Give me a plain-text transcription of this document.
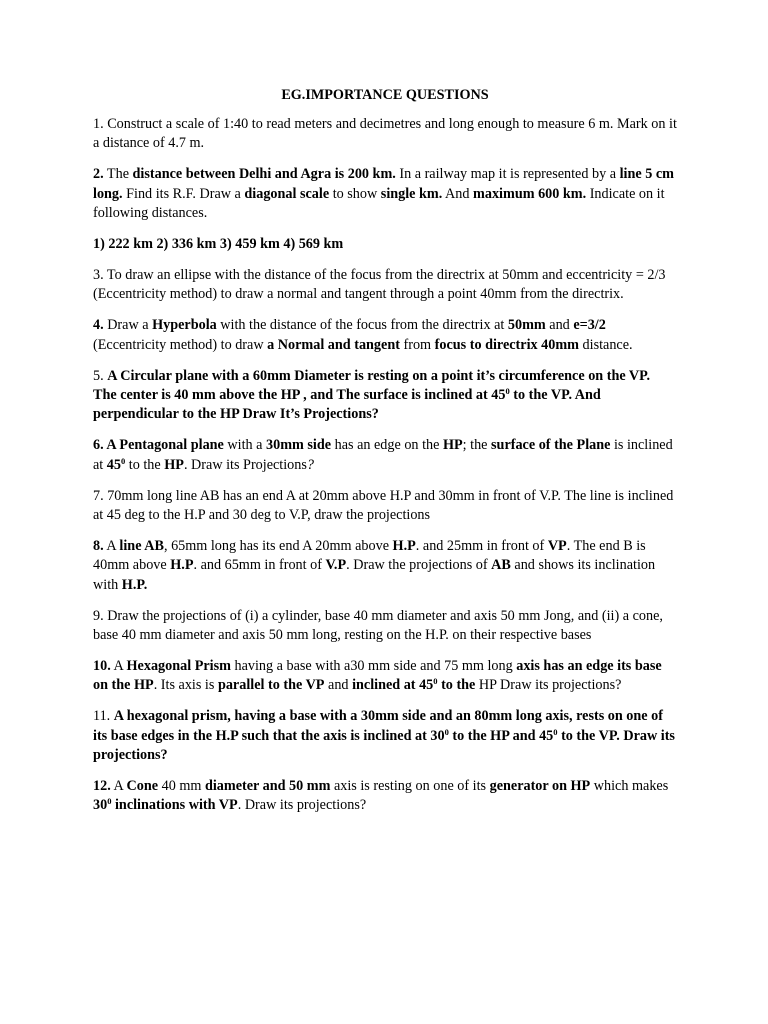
EG.IMPORTANCE QUESTIONS

1. Construct a scale of 1:40 to read meters and decimetres and long enough to measure 6 m. Mark on it a distance of 4.7 m.

2. The distance between Delhi and Agra is 200 km. In a railway map it is represented by a line 5 cm long. Find its R.F. Draw a diagonal scale to show single km. And maximum 600 km. Indicate on it following distances.

1) 222 km 2) 336 km 3) 459 km 4) 569 km

3. To draw an ellipse with the distance of the focus from the directrix at 50mm and eccentricity = 2/3 (Eccentricity method) to draw a normal and tangent through a point 40mm from the directrix.

4. Draw a Hyperbola with the distance of the focus from the directrix at 50mm and e=3/2 (Eccentricity method) to draw a Normal and tangent from focus to directrix 40mm distance.

5. A Circular plane with a 60mm Diameter is resting on a point it’s circumference on the VP. The center is 40 mm above the HP , and The surface is inclined at $45^0$ to the VP. And perpendicular to the HP Draw It’s Projections?

6. A Pentagonal plane with a 30mm side has an edge on the HP; the surface of the Plane is inclined at $45^0$ to the HP. Draw its Projections?

7. 70mm long line AB has an end A at 20mm above H.P and 30mm in front of V.P. The line is inclined at 45 deg to the H.P and 30 deg to V.P, draw the projections

8. A line AB, 65mm long has its end A 20mm above H.P. and 25mm in front of VP. The end B is 40mm above H.P. and 65mm in front of V.P. Draw the projections of AB and shows its inclination with H.P.

9. Draw the projections of (i) a cylinder, base 40 mm diameter and axis 50 mm Jong, and (ii) a cone, base 40 mm diameter and axis 50 mm long, resting on the H.P. on their respective bases

10. A Hexagonal Prism having a base with a30 mm side and 75 mm long axis has an edge its base on the HP. Its axis is parallel to the VP and inclined at $45^0$ to the HP Draw its projections?

11. A hexagonal prism, having a base with a 30mm side and an 80mm long axis, rests on one of its base edges in the H.P such that the axis is inclined at $30^0$ to the HP and $45^0$ to the VP. Draw its projections?

12. A Cone 40 mm diameter and 50 mm axis is resting on one of its generator on HP which makes $30^0$ inclinations with VP. Draw its projections?
